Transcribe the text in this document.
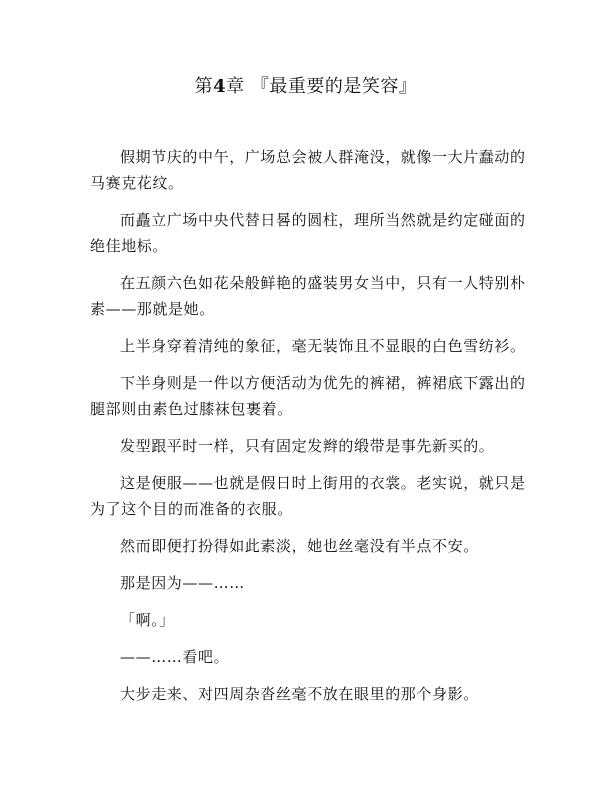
第4章 『最重要的是笑容』

假期节庆的中午，广场总会被人群淹没，就像一大片蠢动的马赛克花纹。

而矗立广场中央代替日晷的圆柱，理所当然就是约定碰面的绝佳地标。

在五颜六色如花朵般鲜艳的盛装男女当中，只有一人特别朴素——那就是她。

上半身穿着清纯的象征，毫无装饰且不显眼的白色雪纺衫。

下半身则是一件以方便活动为优先的裤裙，裤裙底下露出的腿部则由素色过膝袜包裹着。

发型跟平时一样，只有固定发辫的缎带是事先新买的。

这是便服——也就是假日时上街用的衣裳。老实说，就只是为了这个目的而准备的衣服。

然而即便打扮得如此素淡，她也丝毫没有半点不安。

那是因为——……

「啊。」

——……看吧。

大步走来、对四周杂沓丝毫不放在眼里的那个身影。
